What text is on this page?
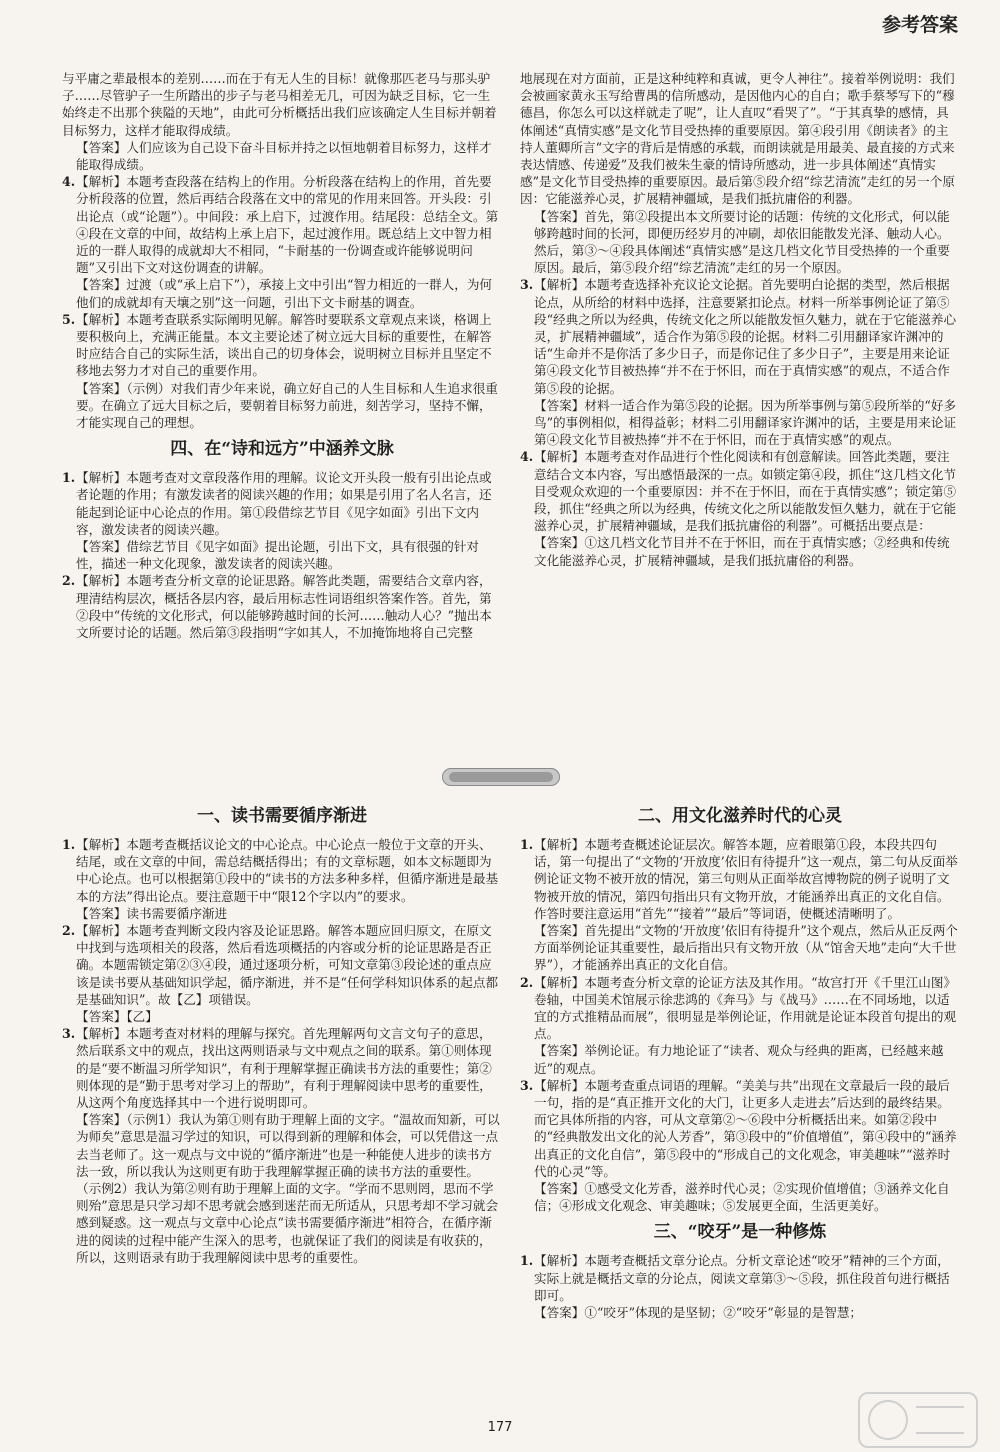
参考答案

与平庸之辈最根本的差别……而在于有无人生的目标！就像那匹老马与那头驴子……尽管驴子一生所踏出的步子与老马相差无几，可因为缺乏目标，它一生始终走不出那个狭隘的天地”，由此可分析概括出我们应该确定人生目标并朝着目标努力，这样才能取得成绩。

【答案】人们应该为自己设下奋斗目标并持之以恒地朝着目标努力，这样才能取得成绩。

4. 【解析】本题考查段落在结构上的作用。分析段落在结构上的作用，首先要分析段落的位置，然后再结合段落在文中的常见的作用来回答。开头段：引出论点（或“论题”）。中间段：承上启下，过渡作用。结尾段：总结全文。第④段在文章的中间，故结构上承上启下，起过渡作用。既总结上文中智力相近的一群人取得的成就却大不相同，“卡耐基的一份调查或许能够说明问题”又引出下文对这份调查的讲解。

【答案】过渡（或“承上启下”），承接上文中引出“智力相近的一群人，为何他们的成就却有天壤之别”这一问题，引出下文卡耐基的调查。

5. 【解析】本题考查联系实际阐明见解。解答时要联系文章观点来谈，格调上要积极向上，充满正能量。本文主要论述了树立远大目标的重要性，在解答时应结合自己的实际生活，谈出自己的切身体会，说明树立目标并且坚定不移地去努力才对自己的重要作用。

【答案】（示例）对我们青少年来说，确立好自己的人生目标和人生追求很重要。在确立了远大目标之后，要朝着目标努力前进，刻苦学习，坚持不懈，才能实现自己的理想。

四、在“诗和远方”中涵养文脉
1. 【解析】本题考查对文章段落作用的理解。议论文开头段一般有引出论点或者论题的作用；有激发读者的阅读兴趣的作用；如果是引用了名人名言，还能起到论证中心论点的作用。第①段借综艺节目《见字如面》引出下文内容，激发读者的阅读兴趣。

【答案】借综艺节目《见字如面》提出论题，引出下文，具有很强的针对性，描述一种文化现象，激发读者的阅读兴趣。

2. 【解析】本题考查分析文章的论证思路。解答此类题，需要结合文章内容，理清结构层次，概括各层内容，最后用标志性词语组织答案作答。首先，第②段中“传统的文化形式，何以能够跨越时间的长河……触动人心？”抛出本文所要讨论的话题。然后第③段指明“字如其人，不加掩饰地将自己完整

地展现在对方面前，正是这种纯粹和真诚，更令人神往”。接着举例说明：我们会被画家黄永玉写给曹禺的信所感动，是因他内心的自白；歌手蔡琴写下的“穆德昌，你怎么可以这样就走了呢”，让人直叹“看哭了”。“于其真挚的感情，具体阐述“真情实感”是文化节目受热捧的重要原因。第④段引用《朗读者》的主持人董卿所言“文字的背后是情感的承载，而朗读就是用最美、最直接的方式来表达情感、传递爱”及我们被朱生豪的情诗所感动，进一步具体阐述“真情实感”是文化节目受热捧的重要原因。最后第⑤段介绍“综艺清流”走红的另一个原因：它能滋养心灵，扩展精神疆域，是我们抵抗庸俗的利器。

【答案】首先，第②段提出本文所要讨论的话题：传统的文化形式，何以能够跨越时间的长河，即便历经岁月的冲刷，却依旧能散发光泽、触动人心。然后，第③～④段具体阐述“真情实感”是这几档文化节目受热捧的一个重要原因。最后，第⑤段介绍“综艺清流”走红的另一个原因。

3. 【解析】本题考查选择补充议论文论据。首先要明白论据的类型，然后根据论点，从所给的材料中选择，注意要紧扣论点。材料一所举事例论证了第⑤段“经典之所以为经典，传统文化之所以能散发恒久魅力，就在于它能滋养心灵，扩展精神疆域”，适合作为第⑤段的论据。材料二引用翻译家许渊冲的话“生命并不是你活了多少日子，而是你记住了多少日子”，主要是用来论证第④段文化节目被热捧“并不在于怀旧，而在于真情实感”的观点，不适合作第⑤段的论据。

【答案】材料一适合作为第⑤段的论据。因为所举事例与第⑤段所举的“好多鸟”的事例相似，相得益彰；材料二引用翻译家许渊冲的话，主要是用来论证第④段文化节目被热捧“并不在于怀旧，而在于真情实感”的观点。

4. 【解析】本题考查对作品进行个性化阅读和有创意解读。回答此类题，要注意结合文本内容，写出感悟最深的一点。如锁定第④段，抓住“这几档文化节目受观众欢迎的一个重要原因：并不在于怀旧，而在于真情实感”；锁定第⑤段，抓住“经典之所以为经典，传统文化之所以能散发恒久魅力，就在于它能滋养心灵，扩展精神疆域，是我们抵抗庸俗的利器”。可概括出要点是：

【答案】①这几档文化节目并不在于怀旧，而在于真情实感；②经典和传统文化能滋养心灵，扩展精神疆域，是我们抵抗庸俗的利器。

一、读书需要循序渐进
1. 【解析】本题考查概括议论文的中心论点。中心论点一般位于文章的开头、结尾，或在文章的中间，需总结概括得出；有的文章标题，如本文标题即为中心论点。也可以根据第①段中的“读书的方法多种多样，但循序渐进是最基本的方法”得出论点。要注意题干中“限12个字以内”的要求。

【答案】读书需要循序渐进

2. 【解析】本题考查判断文段内容及论证思路。解答本题应回归原文，在原文中找到与选项相关的段落，然后看选项概括的内容或分析的论证思路是否正确。本题需锁定第②③④段，通过逐项分析，可知文章第③段论述的重点应该是读书要从基础知识学起，循序渐进，并不是“任何学科知识体系的起点都是基础知识”。故【乙】项错误。

【答案】【乙】

3. 【解析】本题考查对材料的理解与探究。首先理解两句文言文句子的意思，然后联系文中的观点，找出这两则语录与文中观点之间的联系。第①则体现的是“要不断温习所学知识”，有利于理解掌握正确读书方法的重要性；第②则体现的是“勤于思考对学习上的帮助”，有利于理解阅读中思考的重要性，从这两个角度选择其中一个进行说明即可。

【答案】（示例1）我认为第①则有助于理解上面的文字。“温故而知新，可以为师矣”意思是温习学过的知识，可以得到新的理解和体会，可以凭借这一点去当老师了。这一观点与文中说的“循序渐进”也是一种能使人进步的读书方法一致，所以我认为这则更有助于我理解掌握正确的读书方法的重要性。

（示例2）我认为第②则有助于理解上面的文字。“学而不思则罔，思而不学则殆”意思是只学习却不思考就会感到迷茫而无所适从，只思考却不学习就会感到疑惑。这一观点与文章中心论点“读书需要循序渐进”相符合，在循序渐进的阅读的过程中能产生深入的思考，也就保证了我们的阅读是有收获的，所以，这则语录有助于我理解阅读中思考的重要性。

二、用文化滋养时代的心灵
1. 【解析】本题考查概述论证层次。解答本题，应着眼第①段，本段共四句话，第一句提出了“文物的‘开放度’依旧有待提升”这一观点，第二句从反面举例论证文物不被开放的情况，第三句则从正面举故宫博物院的例子说明了文物被开放的情况，第四句指出只有文物开放，才能涵养出真正的文化自信。作答时要注意运用“首先”“接着”“最后”等词语，使概述清晰明了。

【答案】首先提出“文物的‘开放度’依旧有待提升”这个观点，然后从正反两个方面举例论证其重要性，最后指出只有文物开放（从“馆舍天地”走向“大千世界”），才能涵养出真正的文化自信。

2. 【解析】本题考查分析文章的论证方法及其作用。“故宫打开《千里江山图》卷轴，中国美术馆展示徐悲鸿的《奔马》与《战马》……在不同场地，以适宜的方式推精品而展”，很明显是举例论证，作用就是论证本段首句提出的观点。

【答案】举例论证。有力地论证了“读者、观众与经典的距离，已经越来越近”的观点。

3. 【解析】本题考查重点词语的理解。“美美与共”出现在文章最后一段的最后一句，指的是“真正推开文化的大门，让更多人走进去”后达到的最终结果。而它具体所指的内容，可从文章第②～⑥段中分析概括出来。如第②段中的“经典散发出文化的沁人芳香”，第③段中的“价值增值”，第④段中的“涵养出真正的文化自信”，第⑤段中的“形成自己的文化观念，审美趣味”“滋养时代的心灵”等。

【答案】①感受文化芳香，滋养时代心灵；②实现价值增值；③涵养文化自信；④形成文化观念、审美趣味；⑤发展更全面，生活更美好。

三、“咬牙”是一种修炼
1. 【解析】本题考查概括文章分论点。分析文章论述“咬牙”精神的三个方面，实际上就是概括文章的分论点，阅读文章第③～⑤段，抓住段首句进行概括即可。

【答案】①“咬牙”体现的是坚韧；②“咬牙”彰显的是智慧；

177
